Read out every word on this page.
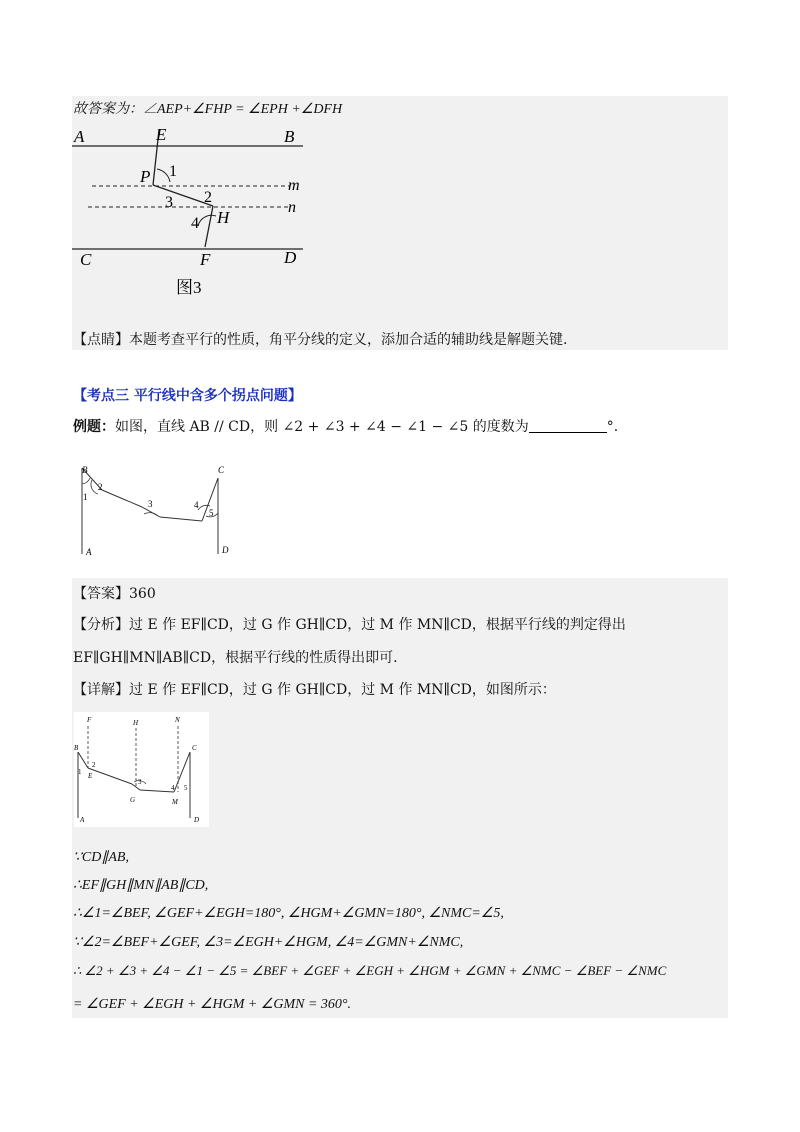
故答案为：∠AEP+∠FHP = ∠EPH +∠DFH
A	E	B
P 1
m
3 2
n
4 H
C	F	D
图3
【点睛】本题考查平行的性质，角平分线的定义，添加合适的辅助线是解题关键.
【考点三 平行线中含多个拐点问题】
例题：如图，直线 AB // CD，则 ∠2 + ∠3 + ∠4 − ∠1 − ∠5 的度数为	°.
B	C
A	D
1
2
3	4
5
【答案】360
【分析】过 E 作 EF∥CD，过 G 作 GH∥CD，过 M 作 MN∥CD，根据平行线的判定得出
EF∥GH∥MN∥AB∥CD，根据平行线的性质得出即可.
【详解】过 E 作 EF∥CD，过 G 作 GH∥CD，过 M 作 MN∥CD，如图所示：
F	H	N
B	C
E
G	M
A	D
1
2
3
4 5
∵CD∥AB,
∴EF∥GH∥MN∥AB∥CD,
∴∠1=∠BEF, ∠GEF+∠EGH=180°, ∠HGM+∠GMN=180°, ∠NMC=∠5,
∵∠2=∠BEF+∠GEF, ∠3=∠EGH+∠HGM, ∠4=∠GMN+∠NMC,
∴ ∠2 + ∠3 + ∠4 − ∠1 − ∠5 = ∠BEF + ∠GEF + ∠EGH + ∠HGM + ∠GMN + ∠NMC − ∠BEF − ∠NMC
= ∠GEF + ∠EGH + ∠HGM + ∠GMN = 360°.
